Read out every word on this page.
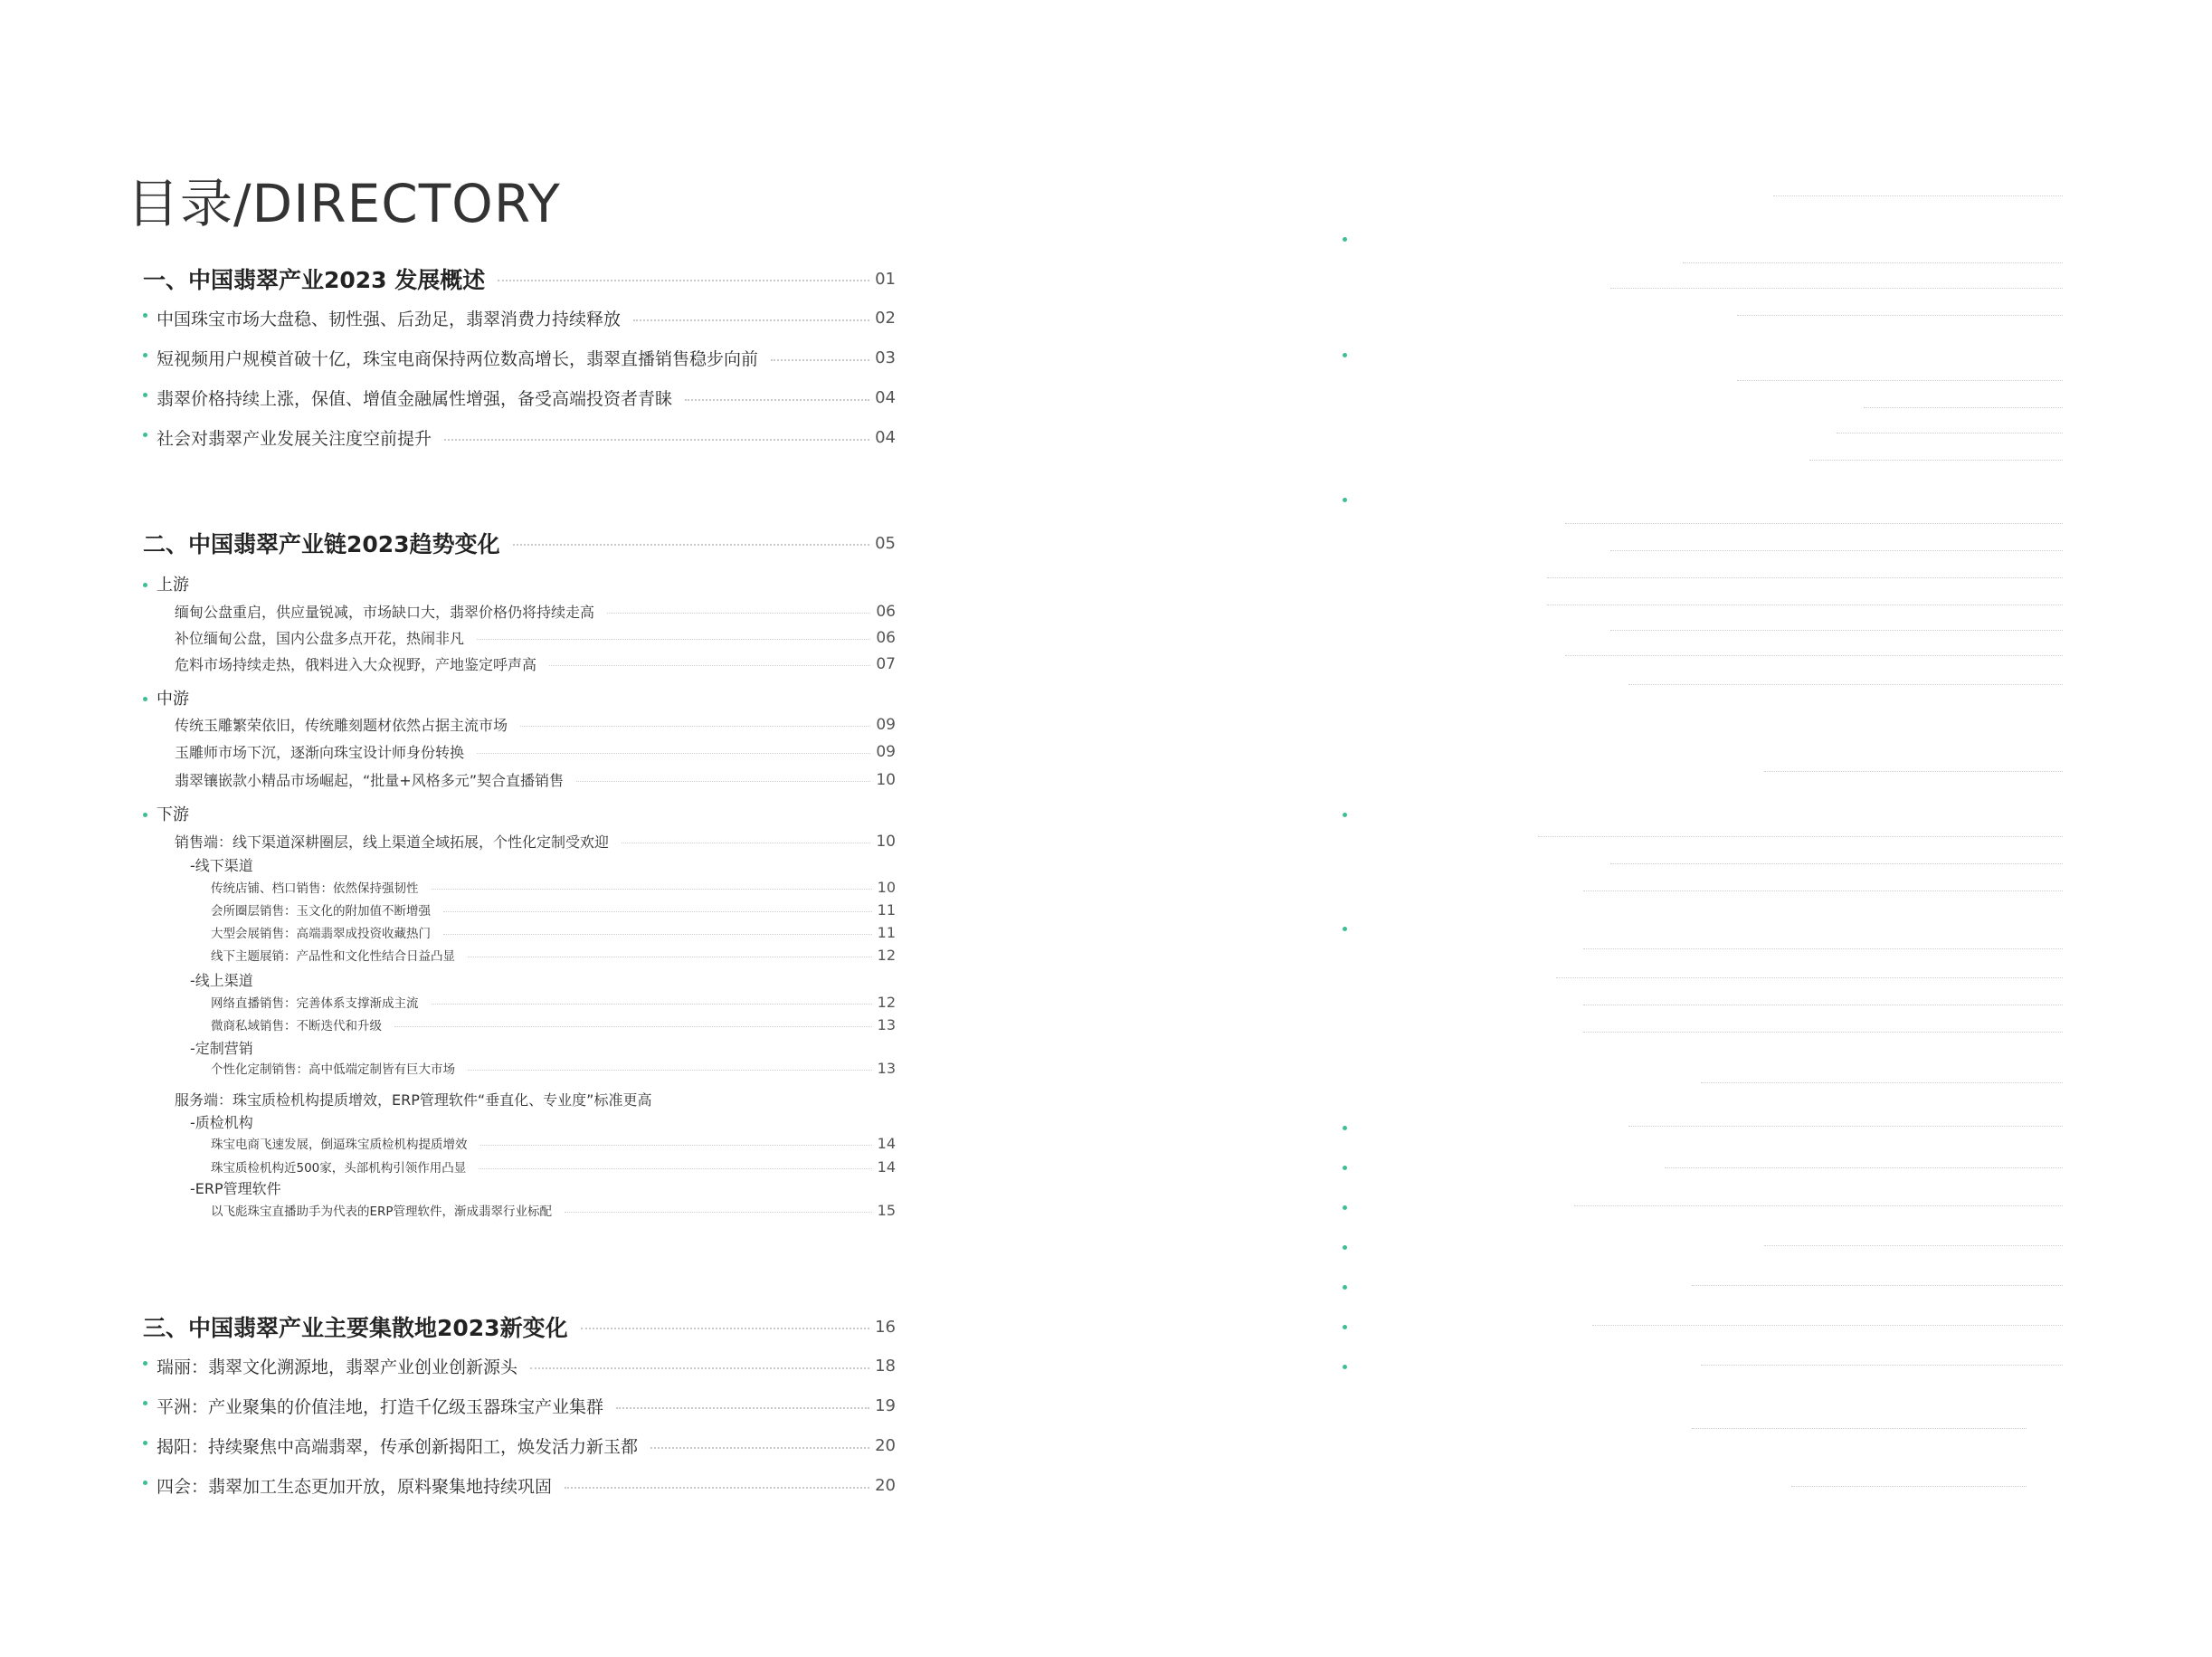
目录/DIRECTORY
一、中国翡翠产业2023 发展概述	01
中国珠宝市场大盘稳、韧性强、后劲足，翡翠消费力持续释放	02
短视频用户规模首破十亿，珠宝电商保持两位数高增长，翡翠直播销售稳步向前	03
翡翠价格持续上涨，保值、增值金融属性增强，备受高端投资者青睐	04
社会对翡翠产业发展关注度空前提升	04
二、中国翡翠产业链2023趋势变化	05
上游
缅甸公盘重启，供应量锐减，市场缺口大，翡翠价格仍将持续走高	06
补位缅甸公盘，国内公盘多点开花，热闹非凡	06
危料市场持续走热，俄料进入大众视野，产地鉴定呼声高	07
中游
传统玉雕繁荣依旧，传统雕刻题材依然占据主流市场	09
玉雕师市场下沉，逐渐向珠宝设计师身份转换	09
翡翠镶嵌款小精品市场崛起，“批量+风格多元”契合直播销售	10
下游
销售端：线下渠道深耕圈层，线上渠道全域拓展，个性化定制受欢迎	10
-线下渠道
传统店铺、档口销售：依然保持强韧性	10
会所圈层销售：玉文化的附加值不断增强	11
大型会展销售：高端翡翠成投资收藏热门	11
线下主题展销：产品性和文化性结合日益凸显	12
-线上渠道
网络直播销售：完善体系支撑渐成主流	12
微商私域销售：不断迭代和升级	13
-定制营销
个性化定制销售：高中低端定制皆有巨大市场	13
服务端：珠宝质检机构提质增效，ERP管理软件“垂直化、专业度”标准更高
-质检机构
珠宝电商飞速发展，倒逼珠宝质检机构提质增效	14
珠宝质检机构近500家，头部机构引领作用凸显	14
-ERP管理软件
以飞彪珠宝直播助手为代表的ERP管理软件，渐成翡翠行业标配	15
三、中国翡翠产业主要集散地2023新变化	16
瑞丽：翡翠文化溯源地，翡翠产业创业创新源头	18
平洲：产业聚集的价值洼地，打造千亿级玉器珠宝产业集群	19
揭阳：持续聚焦中高端翡翠，传承创新揭阳工，焕发活力新玉都	20
四会：翡翠加工生态更加开放，原料聚集地持续巩固	20
